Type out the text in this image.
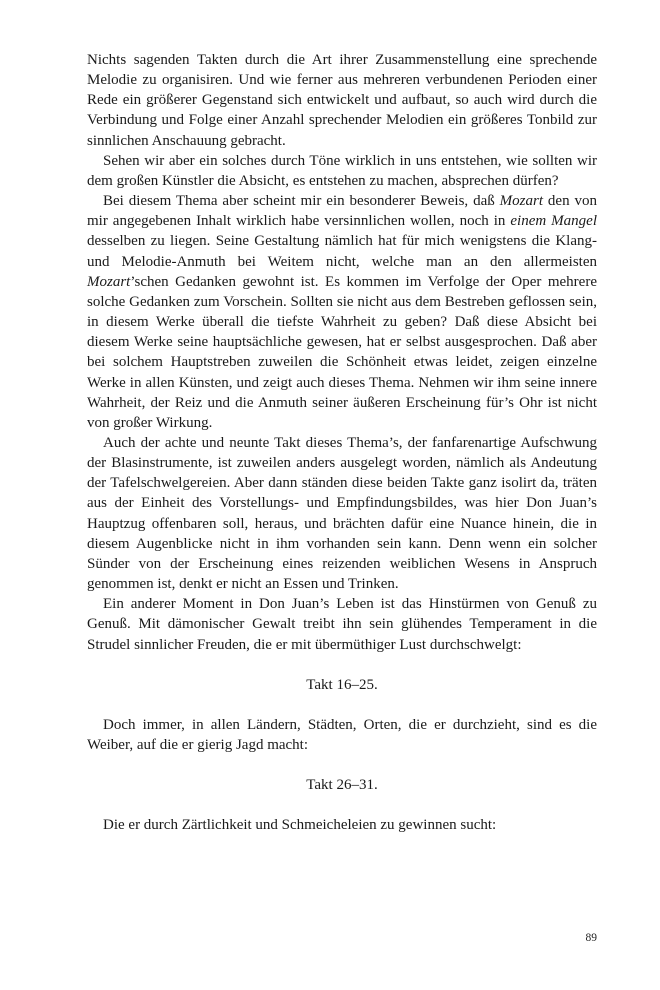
Nichts sagenden Takten durch die Art ihrer Zusammenstellung eine sprechende Melodie zu organisiren. Und wie ferner aus mehreren verbundenen Perioden einer Rede ein größerer Gegenstand sich entwickelt und aufbaut, so auch wird durch die Verbindung und Folge einer Anzahl sprechender Melodien ein größeres Tonbild zur sinnlichen Anschauung gebracht.

Sehen wir aber ein solches durch Töne wirklich in uns entstehen, wie sollten wir dem großen Künstler die Absicht, es entstehen zu machen, absprechen dürfen?

Bei diesem Thema aber scheint mir ein besonderer Beweis, daß Mozart den von mir angegebenen Inhalt wirklich habe versinnlichen wollen, noch in einem Mangel desselben zu liegen. Seine Gestaltung nämlich hat für mich wenigstens die Klang- und Melodie-Anmuth bei Weitem nicht, welche man an den allermeisten Mozart’schen Gedanken gewohnt ist. Es kommen im Verfolge der Oper mehrere solche Gedanken zum Vorschein. Sollten sie nicht aus dem Bestreben geflossen sein, in diesem Werke überall die tiefste Wahrheit zu geben? Daß diese Absicht bei diesem Werke seine hauptsächliche gewesen, hat er selbst ausgesprochen. Daß aber bei solchem Hauptstreben zuweilen die Schönheit etwas leidet, zeigen einzelne Werke in allen Künsten, und zeigt auch dieses Thema. Nehmen wir ihm seine innere Wahrheit, der Reiz und die Anmuth seiner äußeren Erscheinung für’s Ohr ist nicht von großer Wirkung.

Auch der achte und neunte Takt dieses Thema’s, der fanfarenartige Aufschwung der Blasinstrumente, ist zuweilen anders ausgelegt worden, nämlich als Andeutung der Tafelschwelgereien. Aber dann ständen diese beiden Takte ganz isolirt da, träten aus der Einheit des Vorstellungs- und Empfindungsbildes, was hier Don Juan’s Hauptzug offenbaren soll, heraus, und brächten dafür eine Nuance hinein, die in diesem Augenblicke nicht in ihm vorhanden sein kann. Denn wenn ein solcher Sünder von der Erscheinung eines reizenden weiblichen Wesens in Anspruch genommen ist, denkt er nicht an Essen und Trinken.

Ein anderer Moment in Don Juan’s Leben ist das Hinstürmen von Genuß zu Genuß. Mit dämonischer Gewalt treibt ihn sein glühendes Temperament in die Strudel sinnlicher Freuden, die er mit übermüthiger Lust durchschwelgt:

Takt 16–25.

Doch immer, in allen Ländern, Städten, Orten, die er durchzieht, sind es die Weiber, auf die er gierig Jagd macht:

Takt 26–31.

Die er durch Zärtlichkeit und Schmeicheleien zu gewinnen sucht:

89
